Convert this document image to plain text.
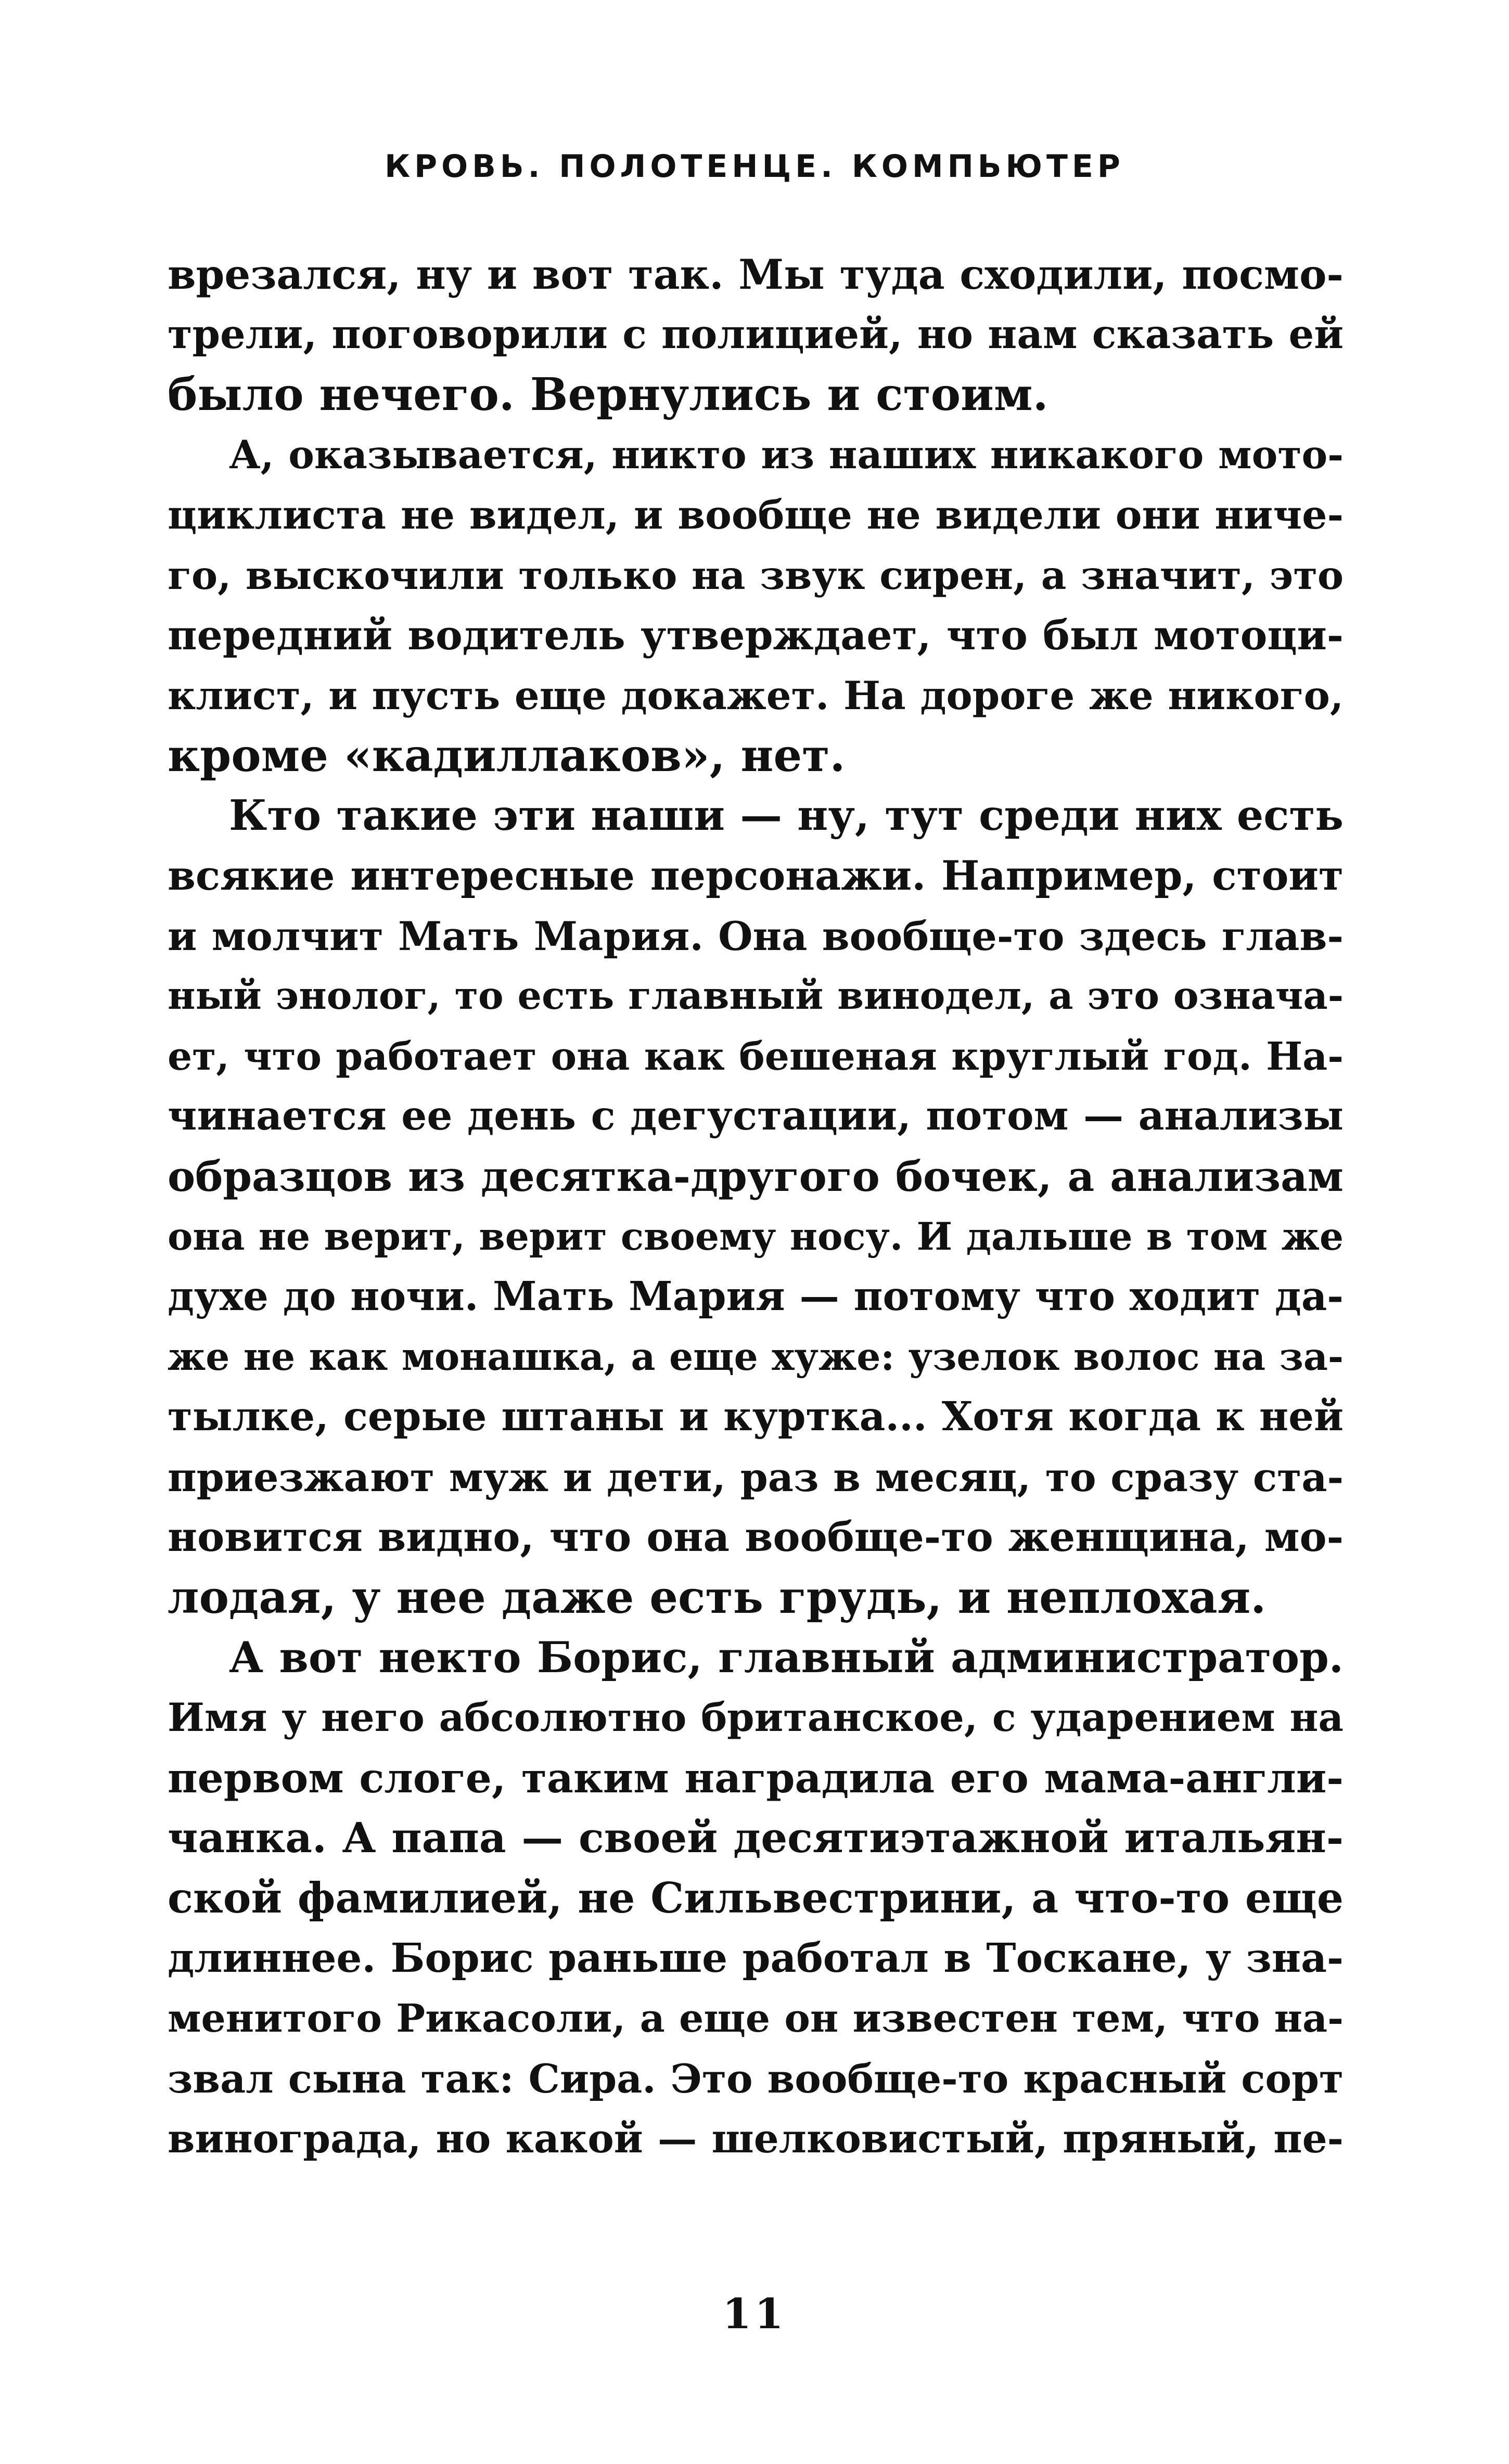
КРОВЬ. ПОЛОТЕНЦЕ. КОМПЬЮТЕР
врезался, ну и вот так. Мы туда сходили, посмо-
трели, поговорили с полицией, но нам сказать ей
было нечего. Вернулись и стоим.
А, оказывается, никто из наших никакого мото-
циклиста не видел, и вообще не видели они ниче-
го, выскочили только на звук сирен, а значит, это
передний водитель утверждает, что был мотоци-
клист, и пусть еще докажет. На дороге же никого,
кроме «кадиллаков», нет.
Кто такие эти наши — ну, тут среди них есть
всякие интересные персонажи. Например, стоит
и молчит Мать Мария. Она вообще-то здесь глав-
ный энолог, то есть главный винодел, а это означа-
ет, что работает она как бешеная круглый год. На-
чинается ее день с дегустации, потом — анализы
образцов из десятка-другого бочек, а анализам
она не верит, верит своему носу. И дальше в том же
духе до ночи. Мать Мария — потому что ходит да-
же не как монашка, а еще хуже: узелок волос на за-
тылке, серые штаны и куртка... Хотя когда к ней
приезжают муж и дети, раз в месяц, то сразу ста-
новится видно, что она вообще-то женщина, мо-
лодая, у нее даже есть грудь, и неплохая.
А вот некто Борис, главный администратор.
Имя у него абсолютно британское, с ударением на
первом слоге, таким наградила его мама-англи-
чанка. А папа — своей десятиэтажной итальян-
ской фамилией, не Сильвестрини, а что-то еще
длиннее. Борис раньше работал в Тоскане, у зна-
менитого Рикасоли, а еще он известен тем, что на-
звал сына так: Сира. Это вообще-то красный сорт
винограда, но какой — шелковистый, пряный, пе-
11
